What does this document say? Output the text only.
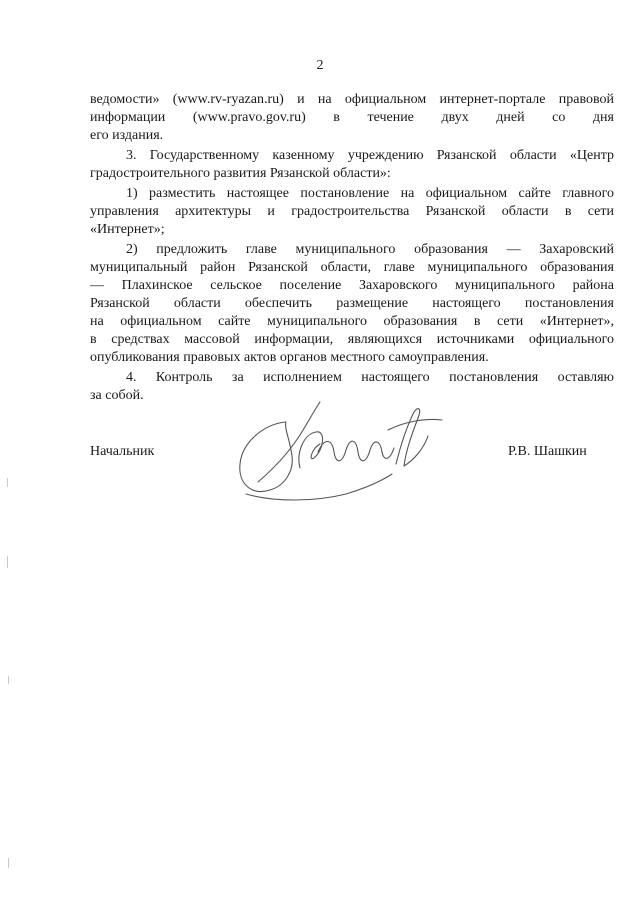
2
ведомости» (www.rv-ryazan.ru) и на официальном интернет-портале правовой
информации (www.pravo.gov.ru) в течение двух дней со дня
его издания.
3. Государственному казенному учреждению Рязанской области «Центр
градостроительного развития Рязанской области»:
1) разместить настоящее постановление на официальном сайте главного
управления архитектуры и градостроительства Рязанской области в сети
«Интернет»;
2) предложить главе муниципального образования — Захаровский
муниципальный район Рязанской области, главе муниципального образования
— Плахинское сельское поселение Захаровского муниципального района
Рязанской области обеспечить размещение настоящего постановления
на официальном сайте муниципального образования в сети «Интернет»,
в средствах массовой информации, являющихся источниками официального
опубликования правовых актов органов местного самоуправления.
4. Контроль за исполнением настоящего постановления оставляю
за собой.
Начальник	Р.В. Шашкин
